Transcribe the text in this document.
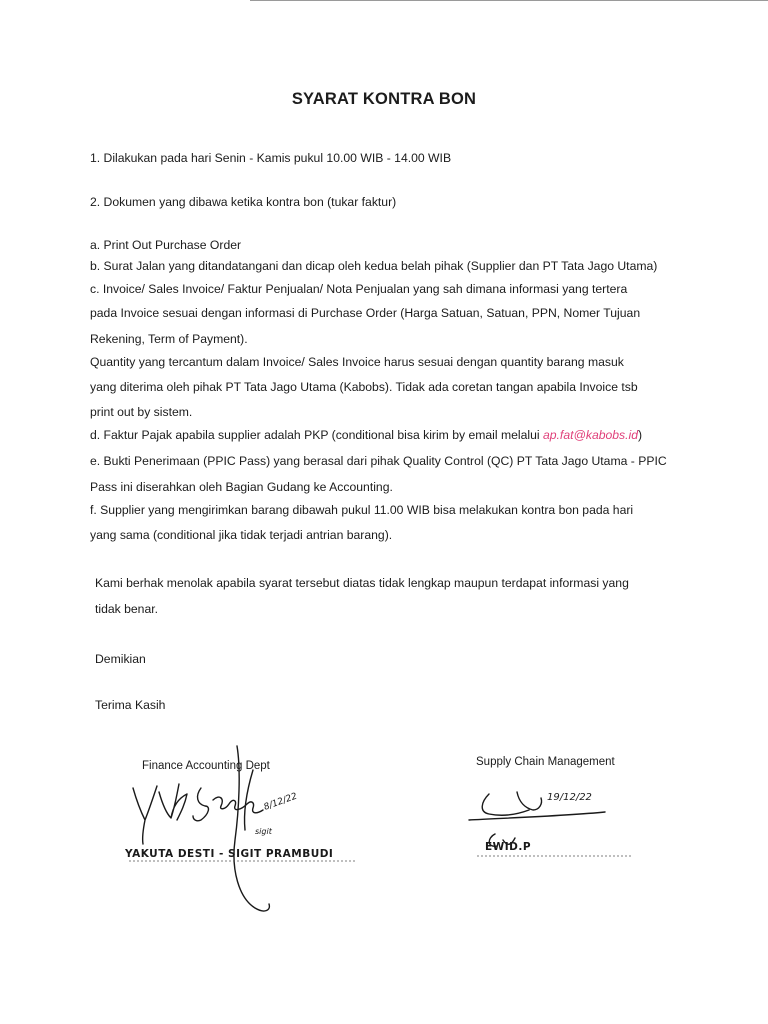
SYARAT KONTRA BON
1. Dilakukan pada hari Senin - Kamis pukul 10.00 WIB - 14.00 WIB
2. Dokumen yang dibawa ketika kontra bon (tukar faktur)
a. Print Out Purchase Order
b. Surat Jalan yang ditandatangani dan dicap oleh kedua belah pihak (Supplier dan PT Tata Jago Utama)
c. Invoice/ Sales Invoice/ Faktur Penjualan/ Nota Penjualan yang sah dimana informasi yang tertera
pada Invoice sesuai dengan informasi di Purchase Order (Harga Satuan, Satuan, PPN, Nomer Tujuan
Rekening, Term of Payment).
Quantity yang tercantum dalam Invoice/ Sales Invoice harus sesuai dengan quantity barang masuk
yang diterima oleh pihak PT Tata Jago Utama (Kabobs). Tidak ada coretan tangan apabila Invoice tsb
print out by sistem.
d. Faktur Pajak apabila supplier adalah PKP (conditional bisa kirim by email melalui ap.fat@kabobs.id)
e. Bukti Penerimaan (PPIC Pass) yang berasal dari pihak Quality Control (QC) PT Tata Jago Utama - PPIC
Pass ini diserahkan oleh Bagian Gudang ke Accounting.
f. Supplier yang mengirimkan barang dibawah pukul 11.00 WIB bisa melakukan kontra bon pada hari
yang sama (conditional jika tidak terjadi antrian barang).
Kami berhak menolak apabila syarat tersebut diatas tidak lengkap maupun terdapat informasi yang
tidak benar.
Demikian
Terima Kasih
Finance Accounting Dept	Supply Chain Management
YAKUTA DESTI - SIGIT PRAMBUDI
sigit
8/12/22	19/12/22
EWID.P
